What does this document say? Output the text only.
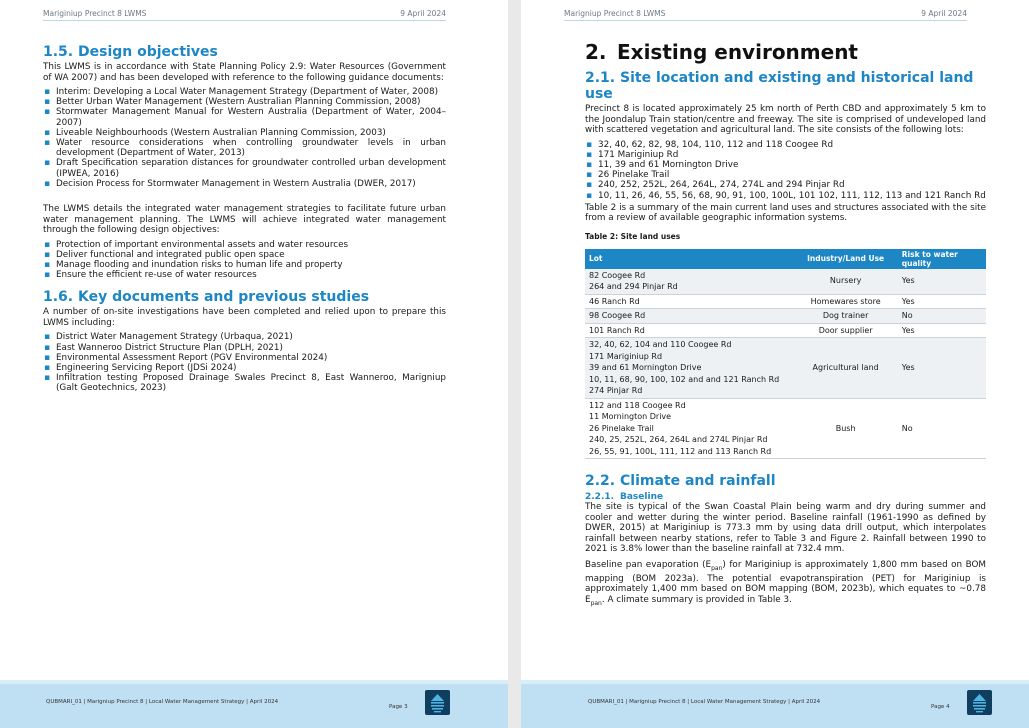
Mariginiup Precinct 8 LWMS	9 April 2024
1.5. Design objectives

This LWMS is in accordance with State Planning Policy 2.9: Water Resources (Government of WA 2007) and has been developed with reference to the following guidance documents:

▪ Interim: Developing a Local Water Management Strategy (Department of Water, 2008)
▪ Better Urban Water Management (Western Australian Planning Commission, 2008)
▪ Stormwater Management Manual for Western Australia (Department of Water, 2004–2007)
▪ Liveable Neighbourhoods (Western Australian Planning Commission, 2003)
▪ Water resource considerations when controlling groundwater levels in urban development (Department of Water, 2013)
▪ Draft Specification separation distances for groundwater controlled urban development (IPWEA, 2016)
▪ Decision Process for Stormwater Management in Western Australia (DWER, 2017)

The LWMS details the integrated water management strategies to facilitate future urban water management planning. The LWMS will achieve integrated water management through the following design objectives:

▪ Protection of important environmental assets and water resources
▪ Deliver functional and integrated public open space
▪ Manage flooding and inundation risks to human life and property
▪ Ensure the efficient re-use of water resources
1.6. Key documents and previous studies

A number of on-site investigations have been completed and relied upon to prepare this LWMS including:

▪ District Water Management Strategy (Urbaqua, 2021)
▪ East Wanneroo District Structure Plan (DPLH, 2021)
▪ Environmental Assessment Report (PGV Environmental 2024)
▪ Engineering Servicing Report (JDSi 2024)
▪ Infiltration testing Proposed Drainage Swales Precinct 8, East Wanneroo, Marigniup (Galt Geotechnics, 2023)
QUBMARI_01 | Marigniup Precinct 8 | Local Water Management Strategy | April 2024
Page 3
Marigniup Precinct 8 LWMS	9 April 2024
2. Existing environment
2.1. Site location and existing and historical land use

Precinct 8 is located approximately 25 km north of Perth CBD and approximately 5 km to the Joondalup Train station/centre and freeway. The site is comprised of undeveloped land with scattered vegetation and agricultural land. The site consists of the following lots:

▪ 32, 40, 62, 82, 98, 104, 110, 112 and 118 Coogee Rd
▪ 171 Mariginiup Rd
▪ 11, 39 and 61 Mornington Drive
▪ 26 Pinelake Trail
▪ 240, 252, 252L, 264, 264L, 274, 274L and 294 Pinjar Rd
▪ 10, 11, 26, 46, 55, 56, 68, 90, 91, 100, 100L, 101 102, 111, 112, 113 and 121 Ranch Rd

Table 2 is a summary of the main current land uses and structures associated with the site from a review of available geographic information systems.

Table 2: Site land uses
Lot	Industry/Land Use	Risk to water quality

82 Coogee Rd
264 and 294 Pinjar Rd	Nursery	Yes

46 Ranch Rd	Homewares store	Yes

98 Coogee Rd	Dog trainer	No

101 Ranch Rd	Door supplier	Yes

32, 40, 62, 104 and 110 Coogee Rd
171 Mariginiup Rd
39 and 61 Mornington Drive
10, 11, 68, 90, 100, 102 and and 121 Ranch Rd
274 Pinjar Rd	Agricultural land	Yes

112 and 118 Coogee Rd
11 Mornington Drive
26 Pinelake Trail
240, 25, 252L, 264, 264L and 274L Pinjar Rd
26, 55, 91, 100L, 111, 112 and 113 Ranch Rd	Bush	No
2.2. Climate and rainfall
2.2.1. Baseline

The site is typical of the Swan Coastal Plain being warm and dry during summer and cooler and wetter during the winter period. Baseline rainfall (1961-1990 as defined by DWER, 2015) at Mariginiup is 773.3 mm by using data drill output, which interpolates rainfall between nearby stations, refer to Table 3 and Figure 2. Rainfall between 1990 to 2021 is 3.8% lower than the baseline rainfall at 732.4 mm.

Baseline pan evaporation $(E_{pan})$ for Mariginiup is approximately 1,800 mm based on BOM mapping (BOM 2023a). The potential evapotranspiration (PET) for Mariginiup is approximately 1,400 mm based on BOM mapping (BOM, 2023b), which equates to ~0.78 $E_{pan}$. A climate summary is provided in Table 3.

QUBMARI_01 | Marigniup Precinct 8 | Local Water Management Strategy | April 2024
Page 4
